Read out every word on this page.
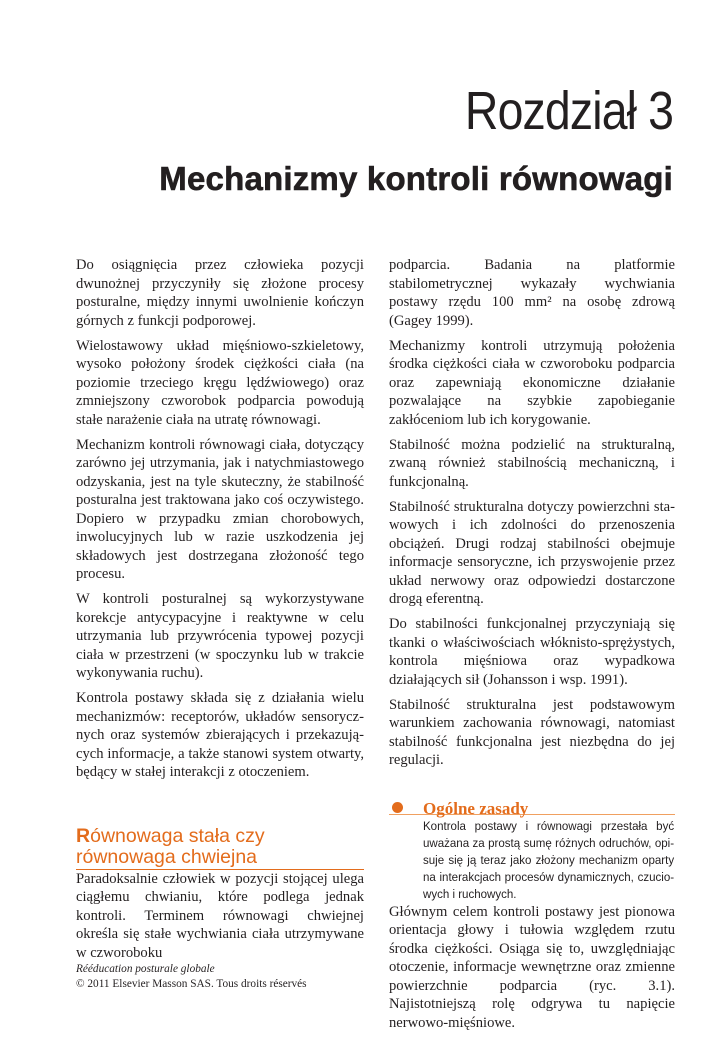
Rozdział 3
Mechanizmy kontroli równowagi

Do osiągnięcia przez człowieka pozycji dwunożnej przyczyniły się złożone procesy posturalne, między innymi uwolnienie kończyn górnych z funkcji podporowej.

Wielostawowy układ mięśniowo-szkieletowy, wysoko położony środek ciężkości ciała (na poziomie trzeciego kręgu lędźwiowego) oraz zmniejszony czworobok podparcia powodują stałe narażenie ciała na utratę równowagi.

Mechanizm kontroli równowagi ciała, dotyczący zarówno jej utrzymania, jak i natychmiastowego odzyskania, jest na tyle skuteczny, że stabilność posturalna jest traktowana jako coś oczywistego. Dopiero w przypadku zmian chorobowych, inwolucyjnych lub w razie uszkodzenia jej składowych jest dostrzegana złożoność tego procesu.

W kontroli posturalnej są wykorzystywane korekcje antycypacyjne i reaktywne w celu utrzymania lub przywrócenia typowej pozycji ciała w przestrzeni (w spoczynku lub w trakcie wykonywania ruchu).

Kontrola postawy składa się z działania wielu mechanizmów: receptorów, układów sensorycznych oraz systemów zbierających i przekazujących informacje, a także stanowi system otwarty, będący w stałej interakcji z otoczeniem.

Równowaga stała czy równowaga chwiejna

Paradoksalnie człowiek w pozycji stojącej ulega ciągłemu chwianiu, które podlega jednak kontroli. Terminem równowagi chwiejnej określa się stałe wychwiania ciała utrzymywane w czworoboku

podparcia. Badania na platformie stabilometrycznej wykazały wychwiania postawy rzędu 100 mm² na osobę zdrową (Gagey 1999).

Mechanizmy kontroli utrzymują położenia środka ciężkości ciała w czworoboku podparcia oraz zapewniają ekonomiczne działanie pozwalające na szybkie zapobieganie zakłóceniom lub ich korygowanie.

Stabilność można podzielić na strukturalną, zwaną również stabilnością mechaniczną, i funkcjonalną.

Stabilność strukturalna dotyczy powierzchni stawowych i ich zdolności do przenoszenia obciążeń. Drugi rodzaj stabilności obejmuje informacje sensoryczne, ich przyswojenie przez układ nerwowy oraz odpowiedzi dostarczone drogą eferentną.

Do stabilności funkcjonalnej przyczyniają się tkanki o właściwościach włóknisto-sprężystych, kontrola mięśniowa oraz wypadkowa działających sił (Johansson i wsp. 1991).

Stabilność strukturalna jest podstawowym warunkiem zachowania równowagi, natomiast stabilność funkcjonalna jest niezbędna do jej regulacji.

Ogólne zasady
Kontrola postawy i równowagi przestała być uważana za prostą sumę różnych odruchów, opisuje się ją teraz jako złożony mechanizm oparty na interakcjach procesów dynamicznych, czuciowych i ruchowych.

Głównym celem kontroli postawy jest pionowa orientacja głowy i tułowia względem rzutu środka ciężkości. Osiąga się to, uwzględniając otoczenie, informacje wewnętrzne oraz zmienne powierzchnie podparcia (ryc. 3.1). Najistotniejszą rolę odgrywa tu napięcie nerwowo-mięśniowe.

Rééducation posturale globale
© 2011 Elsevier Masson SAS. Tous droits réservés
